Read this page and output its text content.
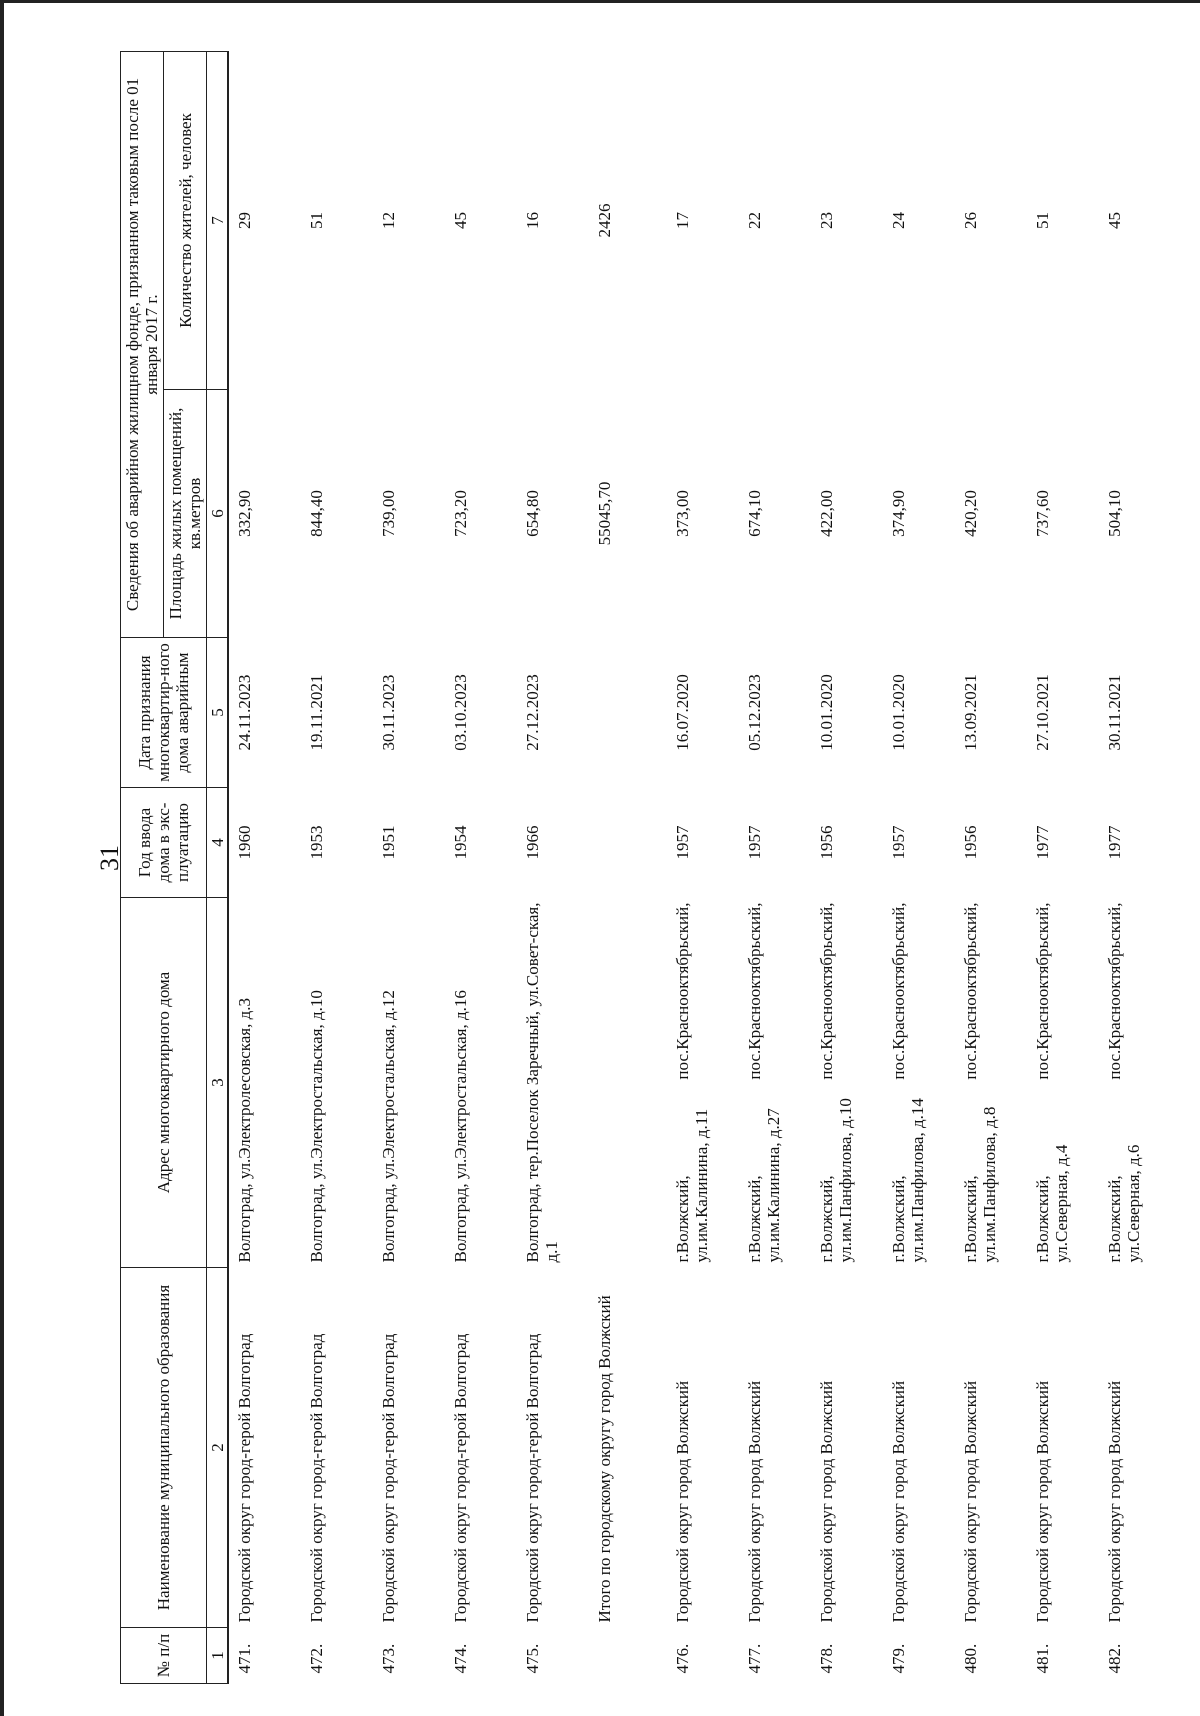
31
№ п/п	Наименование муниципального образования	Адрес многоквартирного дома	Год ввода дома в экс-плуатацию	Дата признания многоквартир-ного дома аварийным	Сведения об аварийном жилищном фонде, признанном таковым после 01 января 2017 г.	
					Площадь жилых помещений, кв.метров	Количество жителей, человек
1	2	3	4	5	6	7
471.	Городской округ город-герой Волгоград	Волгоград, ул.Электролесовская, д.3	1960	24.11.2023	332,90	29
472.	Городской округ город-герой Волгоград	Волгоград, ул.Электростальская, д.10	1953	19.11.2021	844,40	51
473.	Городской округ город-герой Волгоград	Волгоград, ул.Электростальская, д.12	1951	30.11.2023	739,00	12
474.	Городской округ город-герой Волгоград	Волгоград, ул.Электростальская, д.16	1954	03.10.2023	723,20	45
475.	Городской округ город-герой Волгоград	Волгоград, тер.Поселок Заречный, ул.Совет-ская, д.1	1966	27.12.2023	654,80	16
	Итого по городскому округу город Волжский				55045,70	2426
476.	Городской округ город Волжский	г.Волжский, пос.Краснооктябрьский, ул.им.Калинина, д.11	1957	16.07.2020	373,00	17
477.	Городской округ город Волжский	г.Волжский, пос.Краснооктябрьский, ул.им.Калинина, д.27	1957	05.12.2023	674,10	22
478.	Городской округ город Волжский	г.Волжский, пос.Краснооктябрьский, ул.им.Панфилова, д.10	1956	10.01.2020	422,00	23
479.	Городской округ город Волжский	г.Волжский, пос.Краснооктябрьский, ул.им.Панфилова, д.14	1957	10.01.2020	374,90	24
480.	Городской округ город Волжский	г.Волжский, пос.Краснооктябрьский, ул.им.Панфилова, д.8	1956	13.09.2021	420,20	26
481.	Городской округ город Волжский	г.Волжский, пос.Краснооктябрьский, ул.Северная, д.4	1977	27.10.2021	737,60	51
482.	Городской округ город Волжский	г.Волжский, пос.Краснооктябрьский, ул.Северная, д.6	1977	30.11.2021	504,10	45
